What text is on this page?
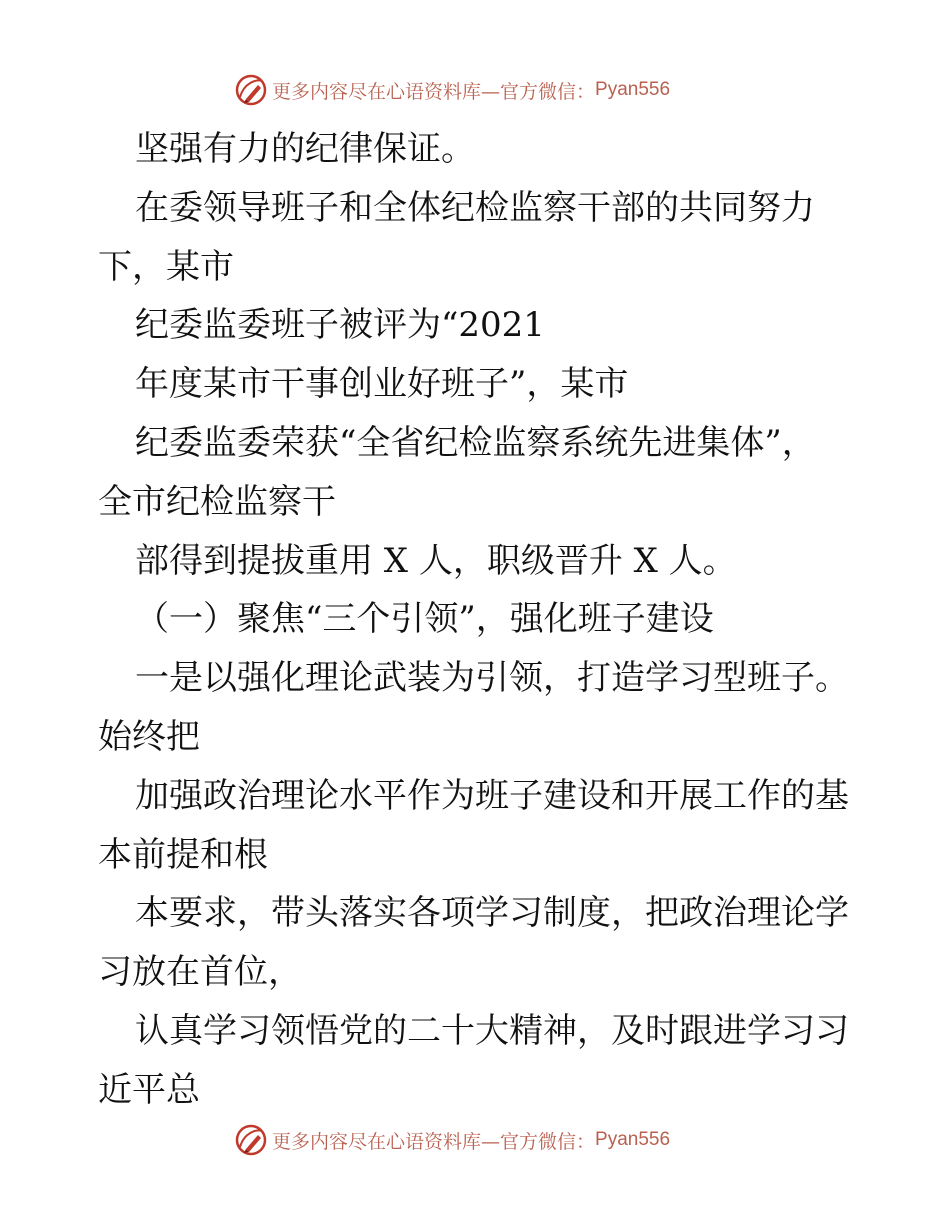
更多内容尽在心语资料库—官方微信： Pyan556
坚强有力的纪律保证。
在委领导班子和全体纪检监察干部的共同努力
下，某市
纪委监委班子被评为“2021
年度某市干事创业好班子”，某市
纪委监委荣获“全省纪检监察系统先进集体”，
全市纪检监察干
部得到提拔重用 X 人，职级晋升 X 人。
（一）聚焦“三个引领”，强化班子建设
一是以强化理论武装为引领，打造学习型班子。
始终把
加强政治理论水平作为班子建设和开展工作的基
本前提和根
本要求，带头落实各项学习制度，把政治理论学
习放在首位，
认真学习领悟党的二十大精神，及时跟进学习习
近平总
更多内容尽在心语资料库—官方微信： Pyan556
